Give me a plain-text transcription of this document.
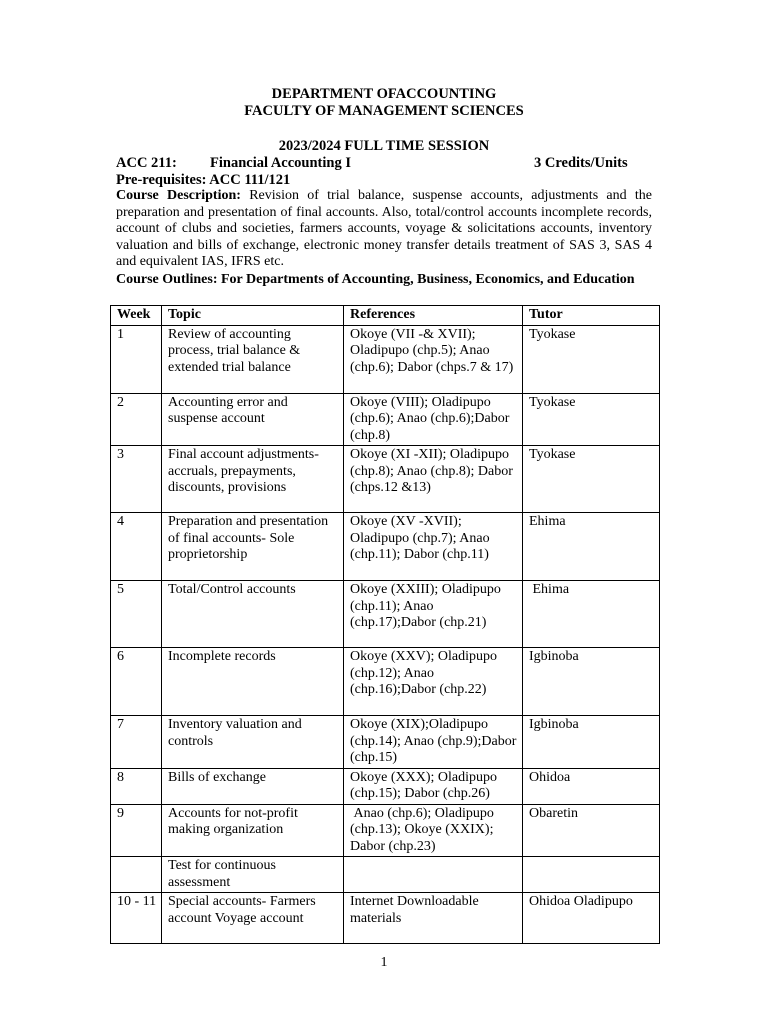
DEPARTMENT OFACCOUNTING
FACULTY OF MANAGEMENT SCIENCES
2023/2024 FULL TIME SESSION
ACC 211: Financial Accounting I	3 Credits/Units
Pre-requisites: ACC 111/121
Course Description: Revision of trial balance, suspense accounts, adjustments and the preparation and presentation of final accounts. Also, total/control accounts incomplete records, account of clubs and societies, farmers accounts, voyage & solicitations accounts, inventory valuation and bills of exchange, electronic money transfer details treatment of SAS 3, SAS 4 and equivalent IAS, IFRS etc.
Course Outlines: For Departments of Accounting, Business, Economics, and Education
Week	Topic	References	Tutor
1	Review of accounting process, trial balance & extended trial balance	Okoye (VII -& XVII); Oladipupo (chp.5); Anao (chp.6); Dabor (chps.7 & 17)	Tyokase
2	Accounting error and suspense account	Okoye (VIII); Oladipupo (chp.6); Anao (chp.6);Dabor (chp.8)	Tyokase
3	Final account adjustments- accruals, prepayments, discounts, provisions	Okoye (XI -XII); Oladipupo (chp.8); Anao (chp.8); Dabor (chps.12 &13)	Tyokase
4	Preparation and presentation of final accounts- Sole proprietorship	Okoye (XV -XVII); Oladipupo (chp.7); Anao (chp.11); Dabor (chp.11)	Ehima
5	Total/Control accounts	Okoye (XXIII); Oladipupo (chp.11); Anao (chp.17);Dabor (chp.21)	Ehima
6	Incomplete records	Okoye (XXV); Oladipupo (chp.12); Anao (chp.16);Dabor (chp.22)	Igbinoba
7	Inventory valuation and controls	Okoye (XIX);Oladipupo (chp.14); Anao (chp.9);Dabor (chp.15)	Igbinoba
8	Bills of exchange	Okoye (XXX); Oladipupo (chp.15); Dabor (chp.26)	Ohidoa
9	Accounts for not-profit making organization	Anao (chp.6); Oladipupo (chp.13); Okoye (XXIX); Dabor (chp.23)	Obaretin
	Test for continuous assessment		
10 - 11	Special accounts- Farmers account Voyage account	Internet Downloadable materials	Ohidoa Oladipupo
1
